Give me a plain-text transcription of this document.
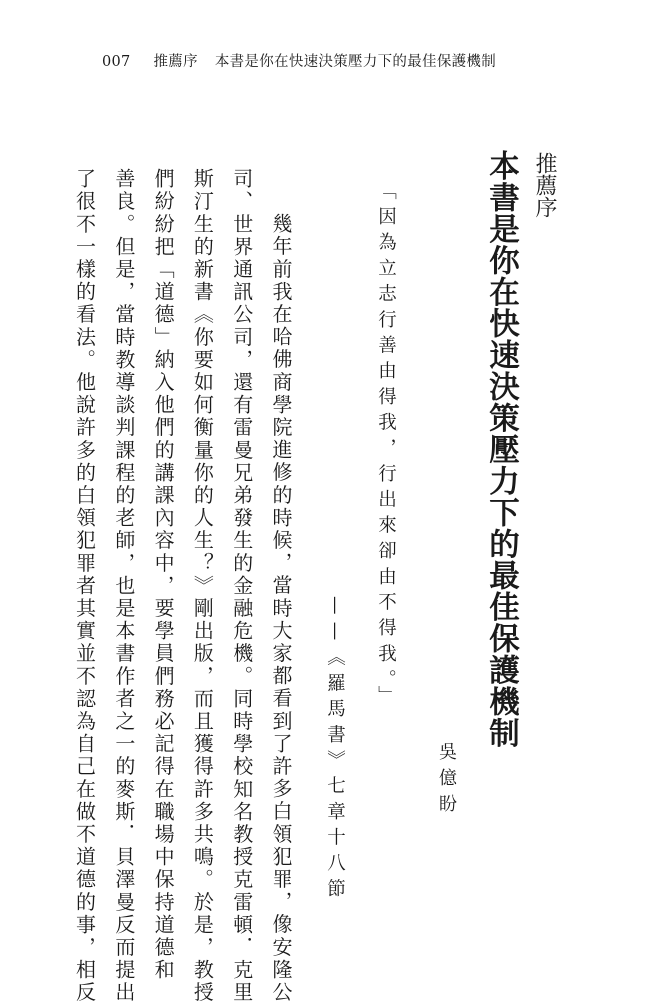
007 推薦序 本書是你在快速決策壓力下的最佳保護機制
推薦序
本書是你在快速決策壓力下的最佳保護機制
吳億盼
「因為立志行善由得我，行出來卻由不得我。」
——《羅馬書》七章十八節
幾年前我在哈佛商學院進修的時候，當時大家都看到了許多白領犯罪，像安隆公
司、世界通訊公司，還有雷曼兄弟發生的金融危機。同時學校知名教授克雷頓．克里
斯汀生的新書《你要如何衡量你的人生？》剛出版，而且獲得許多共鳴。於是，教授
們紛紛把「道德」納入他們的講課內容中，要學員們務必記得在職場中保持道德和
善良。但是，當時教導談判課程的老師，也是本書作者之一的麥斯．貝澤曼反而提出
了很不一樣的看法。他說許多的白領犯罪者其實並不認為自己在做不道德的事，相反
